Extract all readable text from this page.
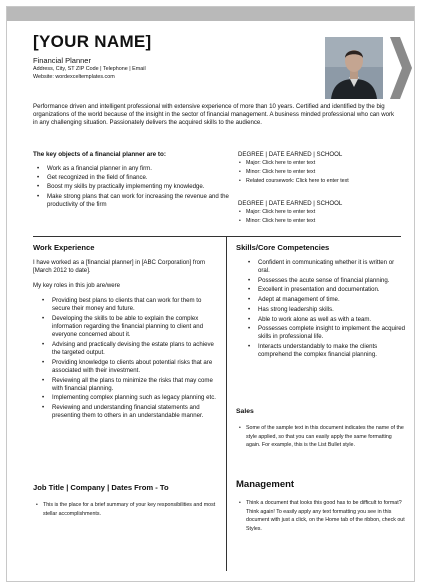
[YOUR NAME]
Financial Planner
Address, City, ST ZIP Code | Telephone | Email
Website: wordexceltemplates.com
Performance driven and intelligent professional with extensive experience of more than 10 years. Certified and identified by the big organizations of the world because of the insight in the sector of financial management. A business minded professional who can work in any challenging situation. Passionately delivers the acquired skills to the audience.
The key objects of a financial planner are to:
• Work as a financial planner in any firm.
• Get recognized in the field of finance.
• Boost my skills by practically implementing my knowledge.
• Make strong plans that can work for increasing the revenue and the productivity of the firm
DEGREE | DATE EARNED | SCHOOL
• Major: Click here to enter text
• Minor: Click here to enter text
• Related coursework: Click here to enter text
DEGREE | DATE EARNED | SCHOOL
• Major: Click here to enter text
• Minor: Click here to enter text
Work Experience
I have worked as a [financial planner] in [ABC Corporation] from [March 2012 to date].
My key roles in this job are/were
• Providing best plans to clients that can work for them to secure their money and future.
• Developing the skills to be able to explain the complex information regarding the financial planning to client and everyone concerned about it.
• Advising and practically devising the estate plans to achieve the targeted output.
• Providing knowledge to clients about potential risks that are associated with their investment.
• Reviewing all the plans to minimize the risks that may come with financial planning.
• Implementing complex planning such as legacy planning etc.
• Reviewing and understanding financial statements and presenting them to others in an understandable manner.
Job Title | Company | Dates From - To
• This is the place for a brief summary of your key responsibilities and most stellar accomplishments.
Skills/Core Competencies
• Confident in communicating whether it is written or oral.
• Possesses the acute sense of financial planning.
• Excellent in presentation and documentation.
• Adept at management of time.
• Has strong leadership skills.
• Able to work alone as well as with a team.
• Possesses complete insight to implement the acquired skills in professional life.
• Interacts understandably to make the clients comprehend the complex financial planning.
Sales
• Some of the sample text in this document indicates the name of the style applied, so that you can easily apply the same formatting again. For example, this is the List Bullet style.
Management
• Think a document that looks this good has to be difficult to format? Think again! To easily apply any text formatting you see in this document with just a click, on the Home tab of the ribbon, check out Styles.
